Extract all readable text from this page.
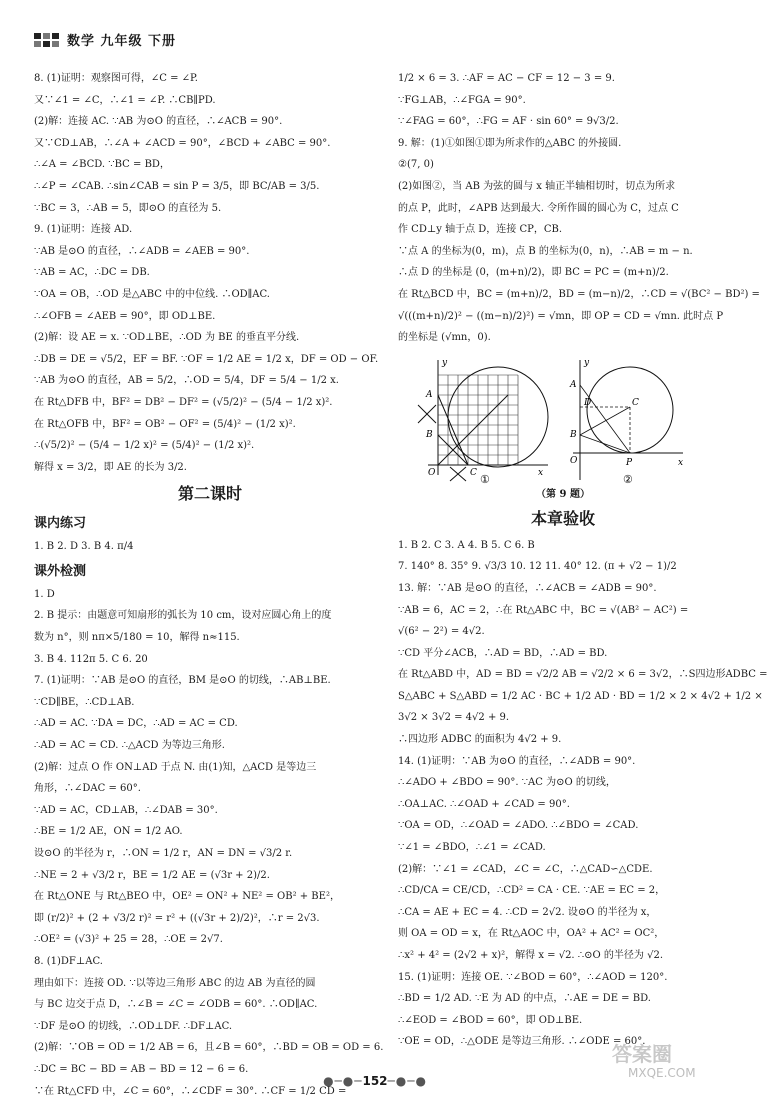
数学 九年级 下册
8. (1)证明：观察图可得，∠C = ∠P.
又∵∠1 = ∠C，∴∠1 = ∠P. ∴CB∥PD.
(2)解：连接 AC. ∵AB 为⊙O 的直径，∴∠ACB = 90°.
又∵CD⊥AB，∴∠A + ∠ACD = 90°，∠BCD + ∠ABC = 90°.
∴∠A = ∠BCD. ∵BC = BD，
∴∠P = ∠CAB. ∴sin∠CAB = sin P = 3/5，即 BC/AB = 3/5.
∵BC = 3，∴AB = 5，即⊙O 的直径为 5.
9. (1)证明：连接 AD.
∵AB 是⊙O 的直径，∴∠ADB = ∠AEB = 90°.
∵AB = AC，∴DC = DB.
∵OA = OB，∴OD 是△ABC 中的中位线. ∴OD∥AC.
∴∠OFB = ∠AEB = 90°，即 OD⊥BE.
(2)解：设 AE = x. ∵OD⊥BE，∴OD 为 BE 的垂直平分线.
∴DB = DE = √5/2，EF = BF. ∵OF = 1/2 AE = 1/2 x，DF = OD − OF.
∵AB 为⊙O 的直径，AB = 5/2，∴OD = 5/4，DF = 5/4 − 1/2 x.
在 Rt△DFB 中，BF² = DB² − DF² = (√5/2)² − (5/4 − 1/2 x)².
在 Rt△OFB 中，BF² = OB² − OF² = (5/4)² − (1/2 x)².
∴(√5/2)² − (5/4 − 1/2 x)² = (5/4)² − (1/2 x)².
解得 x = 3/2，即 AE 的长为 3/2.
第二课时
课内练习
1. B 2. D 3. B 4. π/4
课外检测
1. D
2. B 提示：由题意可知扇形的弧长为 10 cm，设对应圆心角上的度
数为 n°，则 nπ×5/180 = 10，解得 n≈115.
3. B 4. 112π 5. C 6. 20
7. (1)证明：∵AB 是⊙O 的直径，BM 是⊙O 的切线，∴AB⊥BE.
∵CD∥BE，∴CD⊥AB.
∴AD = AC. ∵DA = DC，∴AD = AC = CD.
∴AD = AC = CD. ∴△ACD 为等边三角形.
(2)解：过点 O 作 ON⊥AD 于点 N. 由(1)知，△ACD 是等边三
角形，∴∠DAC = 60°.
∵AD = AC，CD⊥AB，∴∠DAB = 30°.
∴BE = 1/2 AE，ON = 1/2 AO.
设⊙O 的半径为 r，∴ON = 1/2 r，AN = DN = √3/2 r.
∴NE = 2 + √3/2 r，BE = 1/2 AE = (√3r + 2)/2.
在 Rt△ONE 与 Rt△BEO 中，OE² = ON² + NE² = OB² + BE²，
即 (r/2)² + (2 + √3/2 r)² = r² + ((√3r + 2)/2)²，∴r = 2√3.
∴OE² = (√3)² + 25 = 28，∴OE = 2√7.
8. (1)DF⊥AC.
理由如下：连接 OD. ∵以等边三角形 ABC 的边 AB 为直径的圆
与 BC 边交于点 D，∴∠B = ∠C = ∠ODB = 60°. ∴OD∥AC.
∵DF 是⊙O 的切线，∴OD⊥DF. ∴DF⊥AC.
(2)解：∵OB = OD = 1/2 AB = 6，且∠B = 60°，∴BD = OB = OD = 6.
∴DC = BC − BD = AB − BD = 12 − 6 = 6.
∵在 Rt△CFD 中，∠C = 60°，∴∠CDF = 30°. ∴CF = 1/2 CD =
1/2 × 6 = 3. ∴AF = AC − CF = 12 − 3 = 9.
∵FG⊥AB，∴∠FGA = 90°.
∵∠FAG = 60°，∴FG = AF · sin 60° = 9√3/2.
9. 解：(1)①如图①即为所求作的△ABC 的外接圆.
②(7, 0)
(2)如图②，当 AB 为弦的圆与 x 轴正半轴相切时，切点为所求
的点 P，此时，∠APB 达到最大. 令所作圆的圆心为 C，过点 C
作 CD⊥y 轴于点 D，连接 CP，CB.
∵点 A 的坐标为(0，m)，点 B 的坐标为(0，n)，∴AB = m − n.
∴点 D 的坐标是 (0，(m+n)/2)，即 BC = PC = (m+n)/2.
在 Rt△BCD 中，BC = (m+n)/2，BD = (m−n)/2，∴CD = √(BC² − BD²) =
√(((m+n)/2)² − ((m−n)/2)²) = √mn，即 OP = CD = √mn. 此时点 P
的坐标是 (√mn，0).
y
A
B
O	C	x
y
A
D	C
B
O	P	x
①	②
（第 9 题）
本章验收
1. B 2. C 3. A 4. B 5. C 6. B
7. 140° 8. 35° 9. √3/3 10. 12 11. 40° 12. (π + √2 − 1)/2
13. 解：∵AB 是⊙O 的直径，∴∠ACB = ∠ADB = 90°.
∵AB = 6，AC = 2，∴在 Rt△ABC 中，BC = √(AB² − AC²) =
√(6² − 2²) = 4√2.
∵CD 平分∠ACB，∴AD = BD，∴AD = BD.
在 Rt△ABD 中，AD = BD = √2/2 AB = √2/2 × 6 = 3√2，∴S四边形ADBC =
S△ABC + S△ABD = 1/2 AC · BC + 1/2 AD · BD = 1/2 × 2 × 4√2 + 1/2 ×
3√2 × 3√2 = 4√2 + 9.
∴四边形 ADBC 的面积为 4√2 + 9.
14. (1)证明：∵AB 为⊙O 的直径，∴∠ADB = 90°.
∴∠ADO + ∠BDO = 90°. ∵AC 为⊙O 的切线，
∴OA⊥AC. ∴∠OAD + ∠CAD = 90°.
∵OA = OD，∴∠OAD = ∠ADO. ∴∠BDO = ∠CAD.
∵∠1 = ∠BDO，∴∠1 = ∠CAD.
(2)解：∵∠1 = ∠CAD，∠C = ∠C，∴△CAD∽△CDE.
∴CD/CA = CE/CD，∴CD² = CA · CE. ∵AE = EC = 2，
∴CA = AE + EC = 4. ∴CD = 2√2. 设⊙O 的半径为 x，
则 OA = OD = x，在 Rt△AOC 中，OA² + AC² = OC²，
∴x² + 4² = (2√2 + x)²，解得 x = √2. ∴⊙O 的半径为 √2.
15. (1)证明：连接 OE. ∵∠BOD = 60°，∴∠AOD = 120°.
∴BD = 1/2 AD. ∵E 为 AD 的中点，∴AE = DE = BD.
∴∠EOD = ∠BOD = 60°，即 OD⊥BE.
∵OE = OD，∴△ODE 是等边三角形. ∴∠ODE = 60°.
答案圈
MXQE.COM
●─●─152─●─●
